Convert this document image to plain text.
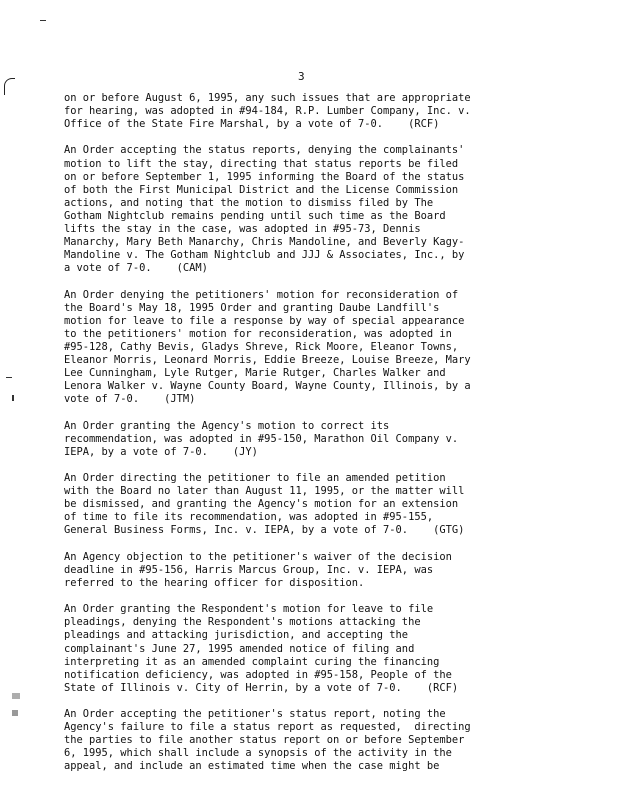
3

on or before August 6, 1995, any such issues that are appropriate
for hearing, was adopted in #94-184, R.P. Lumber Company, Inc. v.
Office of the State Fire Marshal, by a vote of 7-0.    (RCF)

An Order accepting the status reports, denying the complainants'
motion to lift the stay, directing that status reports be filed
on or before September 1, 1995 informing the Board of the status
of both the First Municipal District and the License Commission
actions, and noting that the motion to dismiss filed by The
Gotham Nightclub remains pending until such time as the Board
lifts the stay in the case, was adopted in #95-73, Dennis
Manarchy, Mary Beth Manarchy, Chris Mandoline, and Beverly Kagy-
Mandoline v. The Gotham Nightclub and JJJ & Associates, Inc., by
a vote of 7-0.    (CAM)

An Order denying the petitioners' motion for reconsideration of
the Board's May 18, 1995 Order and granting Daube Landfill's
motion for leave to file a response by way of special appearance
to the petitioners' motion for reconsideration, was adopted in
#95-128, Cathy Bevis, Gladys Shreve, Rick Moore, Eleanor Towns,
Eleanor Morris, Leonard Morris, Eddie Breeze, Louise Breeze, Mary
Lee Cunningham, Lyle Rutger, Marie Rutger, Charles Walker and
Lenora Walker v. Wayne County Board, Wayne County, Illinois, by a
vote of 7-0.    (JTM)

An Order granting the Agency's motion to correct its
recommendation, was adopted in #95-150, Marathon Oil Company v.
IEPA, by a vote of 7-0.    (JY)

An Order directing the petitioner to file an amended petition
with the Board no later than August 11, 1995, or the matter will
be dismissed, and granting the Agency's motion for an extension
of time to file its recommendation, was adopted in #95-155,
General Business Forms, Inc. v. IEPA, by a vote of 7-0.    (GTG)

An Agency objection to the petitioner's waiver of the decision
deadline in #95-156, Harris Marcus Group, Inc. v. IEPA, was
referred to the hearing officer for disposition.

An Order granting the Respondent's motion for leave to file
pleadings, denying the Respondent's motions attacking the
pleadings and attacking jurisdiction, and accepting the
complainant's June 27, 1995 amended notice of filing and
interpreting it as an amended complaint curing the financing
notification deficiency, was adopted in #95-158, People of the
State of Illinois v. City of Herrin, by a vote of 7-0.    (RCF)

An Order accepting the petitioner's status report, noting the
Agency's failure to file a status report as requested,  directing
the parties to file another status report on or before September
6, 1995, which shall include a synopsis of the activity in the
appeal, and include an estimated time when the case might be
